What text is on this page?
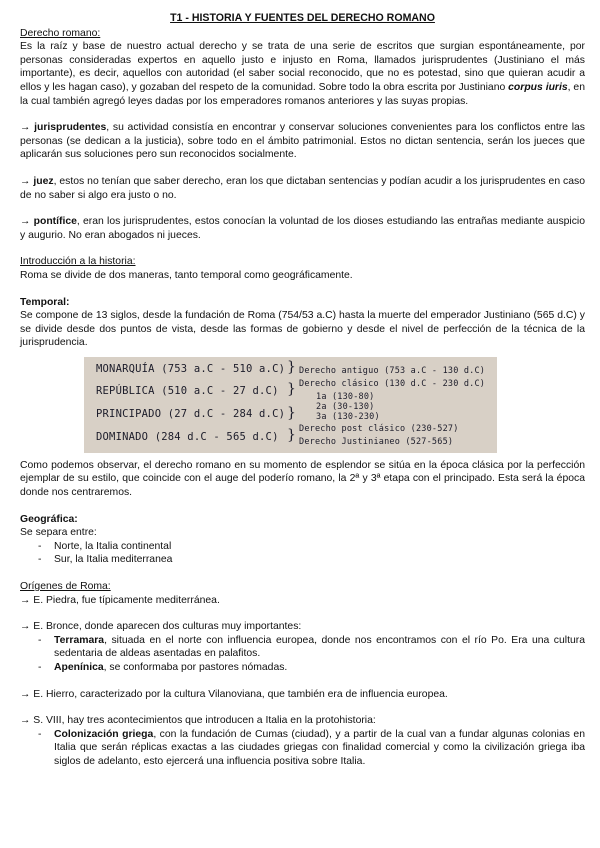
T1 - HISTORIA Y FUENTES DEL DERECHO ROMANO

Derecho romano:

Es la raíz y base de nuestro actual derecho y se trata de una serie de escritos que surgian espontáneamente, por personas consideradas expertos en aquello justo e injusto en Roma, llamados jurisprudentes (Justiniano el más importante), es decir, aquellos con autoridad (el saber social reconocido, que no es potestad, sino que quieran acudir a ellos y les hagan caso), y gozaban del respeto de la comunidad. Sobre todo la obra escrita por Justiniano corpus iuris, en la cual también agregó leyes dadas por los emperadores romanos anteriores y las suyas propias.

→ jurisprudentes, su actividad consistía en encontrar y conservar soluciones convenientes para los conflictos entre las personas (se dedican a la justicia), sobre todo en el ámbito patrimonial. Estos no dictan sentencia, serán los jueces que aplicarán sus soluciones pero sun reconocidos socialmente.

→ juez, estos no tenían que saber derecho, eran los que dictaban sentencias y podían acudir a los jurisprudentes en caso de no saber si algo era justo o no.

→ pontífice, eran los jurisprudentes, estos conocían la voluntad de los dioses estudiando las entrañas mediante auspicio y augurio. No eran abogados ni jueces.

Introducción a la historia:

Roma se divide de dos maneras, tanto temporal como geográficamente.

Temporal:

Se compone de 13 siglos, desde la fundación de Roma (754/53 a.C) hasta la muerte del emperador Justiniano (565 d.C) y se divide desde dos puntos de vista, desde las formas de gobierno y desde el nivel de perfección de la técnica de la jurisprudencia.

MONARQUÍA (753 a.C - 510 a.C)
REPÚBLICA (510 a.C - 27 d.C)
PRINCIPADO (27 d.C - 284 d.C)
DOMINADO (284 d.C - 565 d.C)
}
}
}
}
Derecho antiguo (753 a.C - 130 d.C)
Derecho clásico (130 d.C - 230 d.C)
1a (130-80)
2a (30-130)
3a (130-230)
Derecho post clásico (230-527)
Derecho Justinianeo (527-565)

Como podemos observar, el derecho romano en su momento de esplendor se sitúa en la época clásica por la perfección ejemplar de su estilo, que coincide con el auge del poderío romano, la 2ª y 3ª etapa con el principado. Esta será la época donde nos centraremos.

Geográfica:

Se separa entre:

- Norte, la Italia continental
- Sur, la Italia mediterranea

Orígenes de Roma:

→ E. Piedra, fue típicamente mediterránea.

→ E. Bronce, donde aparecen dos culturas muy importantes:

- Terramara, situada en el norte con influencia europea, donde nos encontramos con el río Po. Era una cultura sedentaria de aldeas asentadas en palafitos.
- Apenínica, se conformaba por pastores nómadas.

→ E. Hierro, caracterizado por la cultura Vilanoviana, que también era de influencia europea.

→ S. VIII, hay tres acontecimientos que introducen a Italia en la protohistoria:

- Colonización griega, con la fundación de Cumas (ciudad), y a partir de la cual van a fundar algunas colonias en Italia que serán réplicas exactas a las ciudades griegas con finalidad comercial y como la civilización griega iba siglos de adelanto, esto ejercerá una influencia positiva sobre Italia.
